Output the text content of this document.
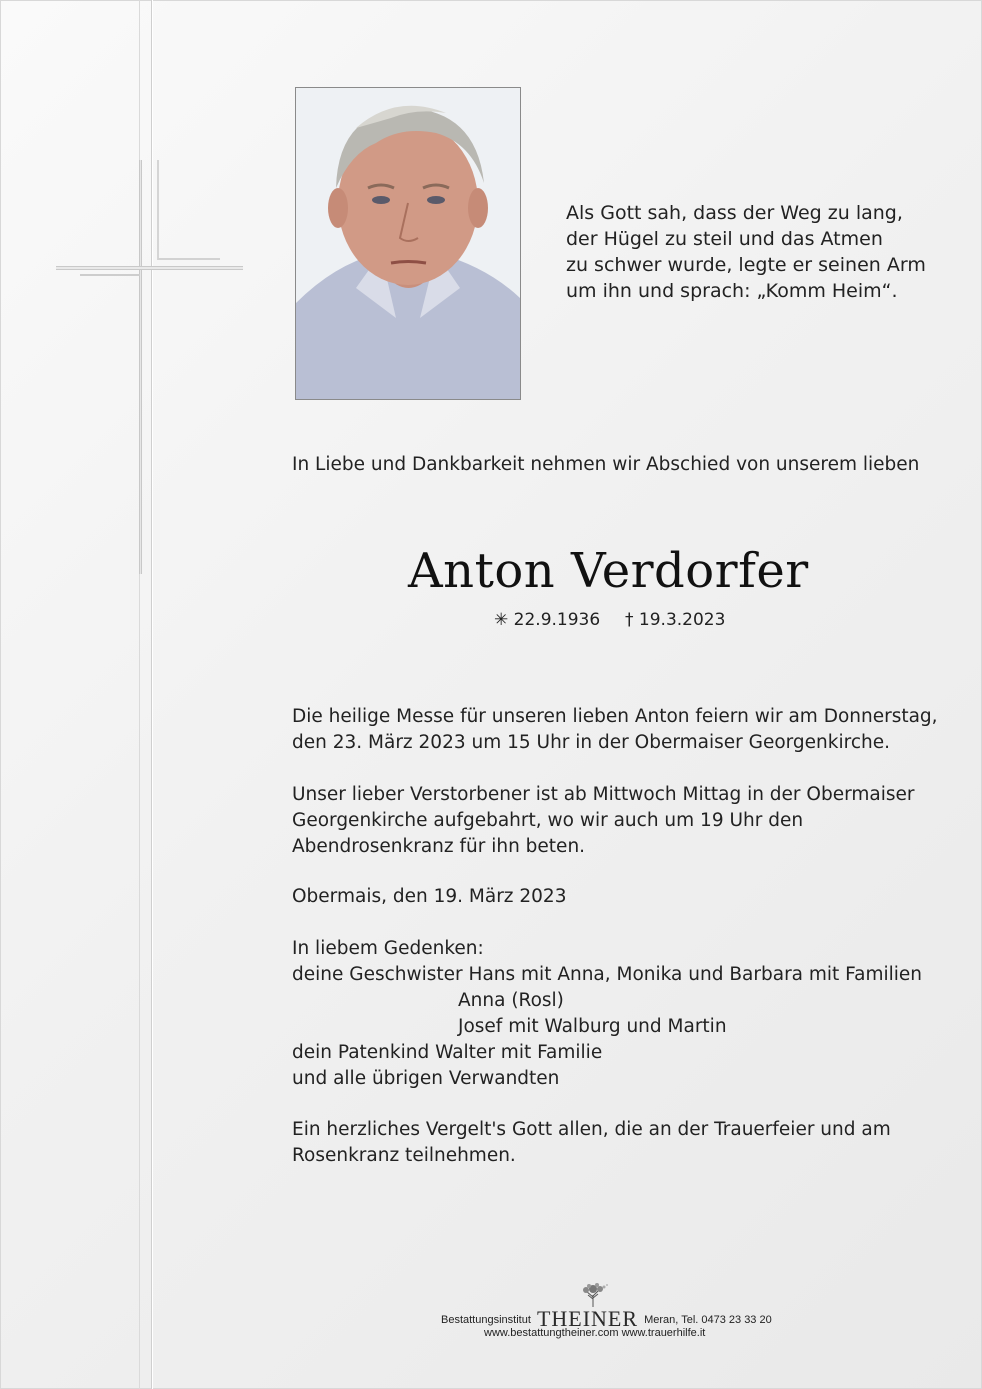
Als Gott sah, dass der Weg zu lang,
der Hügel zu steil und das Atmen
zu schwer wurde, legte er seinen Arm
um ihn und sprach: „Komm Heim“.
In Liebe und Dankbarkeit nehmen wir Abschied von unserem lieben
Anton Verdorfer
✳ 22.9.1936 † 19.3.2023
Die heilige Messe für unseren lieben Anton feiern wir am Donnerstag,
den 23. März 2023 um 15 Uhr in der Obermaiser Georgenkirche.
Unser lieber Verstorbener ist ab Mittwoch Mittag in der Obermaiser
Georgenkirche aufgebahrt, wo wir auch um 19 Uhr den
Abendrosenkranz für ihn beten.
Obermais, den 19. März 2023
In liebem Gedenken:
deine Geschwister Hans mit Anna, Monika und Barbara mit Familien
Anna (Rosl)
Josef mit Walburg und Martin
dein Patenkind Walter mit Familie
und alle übrigen Verwandten
Ein herzliches Vergelt's Gott allen, die an der Trauerfeier und am
Rosenkranz teilnehmen.
Bestattungsinstitut THEINER Meran, Tel. 0473 23 33 20
www.bestattungtheiner.com www.trauerhilfe.it
